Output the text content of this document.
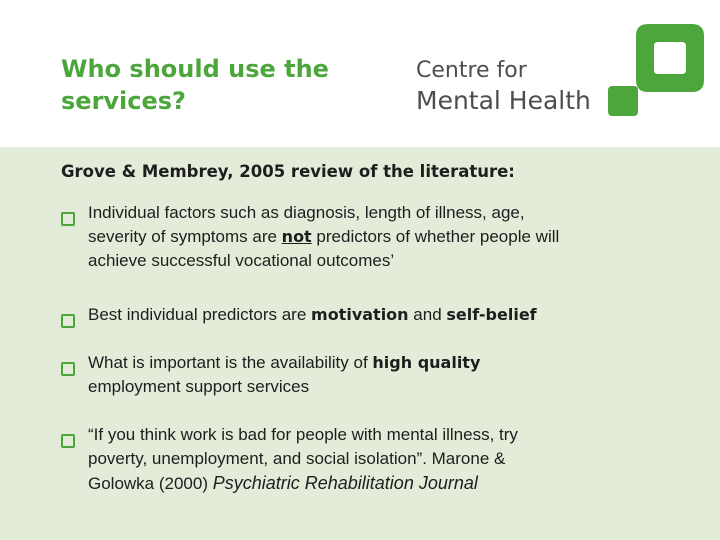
Who should use the
services?
Centre for
Mental Health

Grove & Membrey, 2005 review of the literature:

Individual factors such as diagnosis, length of illness, age,
severity of symptoms are not predictors of whether people will
achieve successful vocational outcomes’

Best individual predictors are motivation and self-belief

What is important is the availability of high quality
employment support services

“If you think work is bad for people with mental illness, try
poverty, unemployment, and social isolation”. Marone &
Golowka (2000) Psychiatric Rehabilitation Journal
